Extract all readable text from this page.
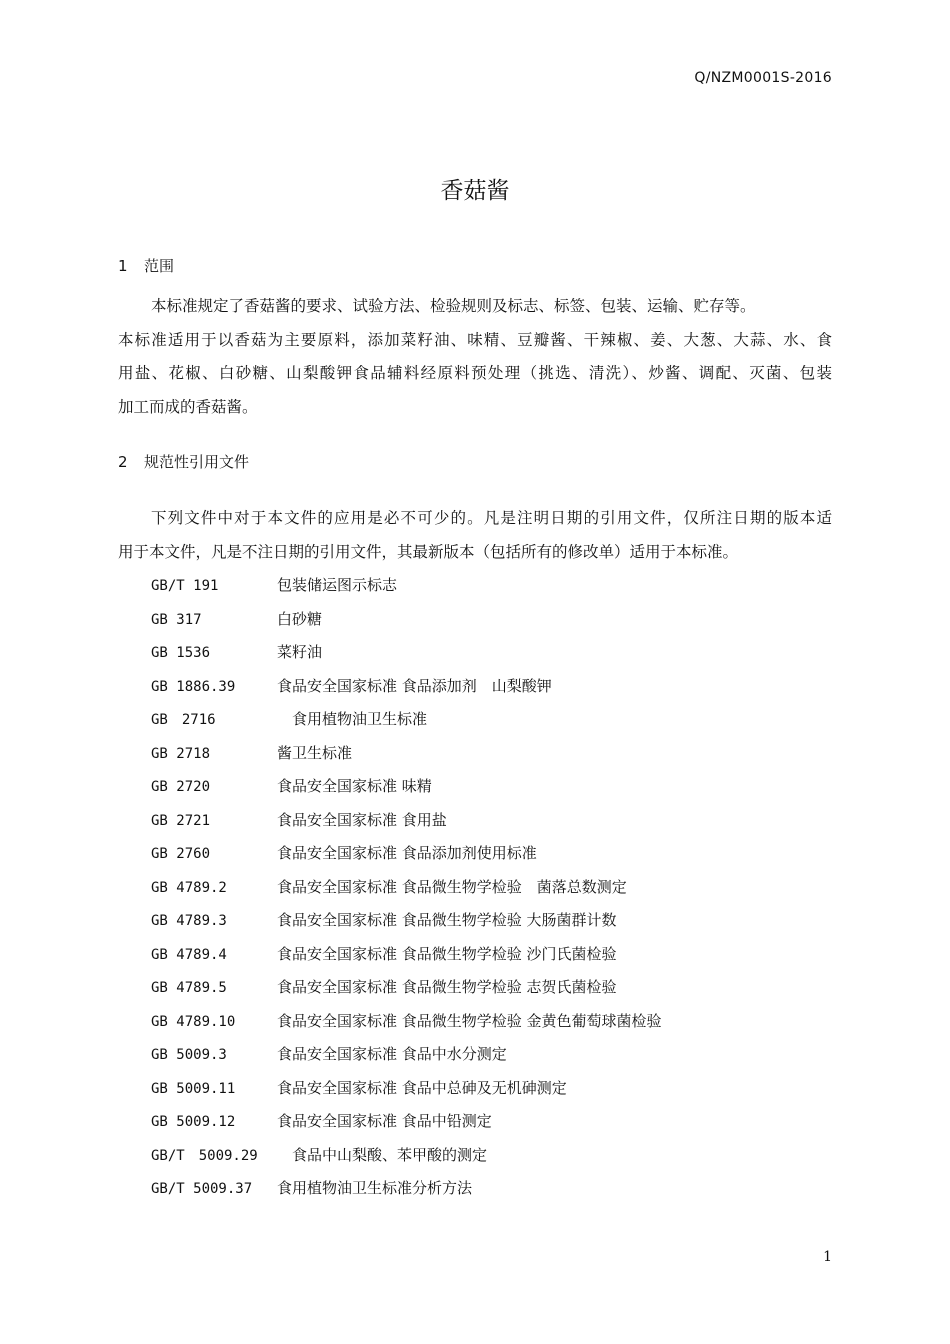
Q/NZM0001S-2016
香菇酱
1 范围
本标准规定了香菇酱的要求、试验方法、检验规则及标志、标签、包装、运输、贮存等。
本标准适用于以香菇为主要原料，添加菜籽油、味精、豆瓣酱、干辣椒、姜、大葱、大蒜、水、食
用盐、花椒、白砂糖、山梨酸钾食品辅料经原料预处理（挑选、清洗）、炒酱、调配、灭菌、包装
加工而成的香菇酱。
2 规范性引用文件
下列文件中对于本文件的应用是必不可少的。凡是注明日期的引用文件，仅所注日期的版本适
用于本文件，凡是不注日期的引用文件，其最新版本（包括所有的修改单）适用于本标准。
GB/T 191	包装储运图示标志
GB 317	白砂糖
GB 1536	菜籽油
GB 1886.39	食品安全国家标准 食品添加剂　山梨酸钾
GB　2716	　食用植物油卫生标准
GB 2718	酱卫生标准
GB 2720	食品安全国家标准 味精
GB 2721	食品安全国家标准 食用盐
GB 2760	食品安全国家标准 食品添加剂使用标准
GB 4789.2	食品安全国家标准 食品微生物学检验　菌落总数测定
GB 4789.3	食品安全国家标准 食品微生物学检验 大肠菌群计数
GB 4789.4	食品安全国家标准 食品微生物学检验 沙门氏菌检验
GB 4789.5	食品安全国家标准 食品微生物学检验 志贺氏菌检验
GB 4789.10	食品安全国家标准 食品微生物学检验 金黄色葡萄球菌检验
GB 5009.3	食品安全国家标准 食品中水分测定
GB 5009.11	食品安全国家标准 食品中总砷及无机砷测定
GB 5009.12	食品安全国家标准 食品中铅测定
GB/T　5009.29　食品中山梨酸、苯甲酸的测定
GB/T 5009.37 食用植物油卫生标准分析方法
1
